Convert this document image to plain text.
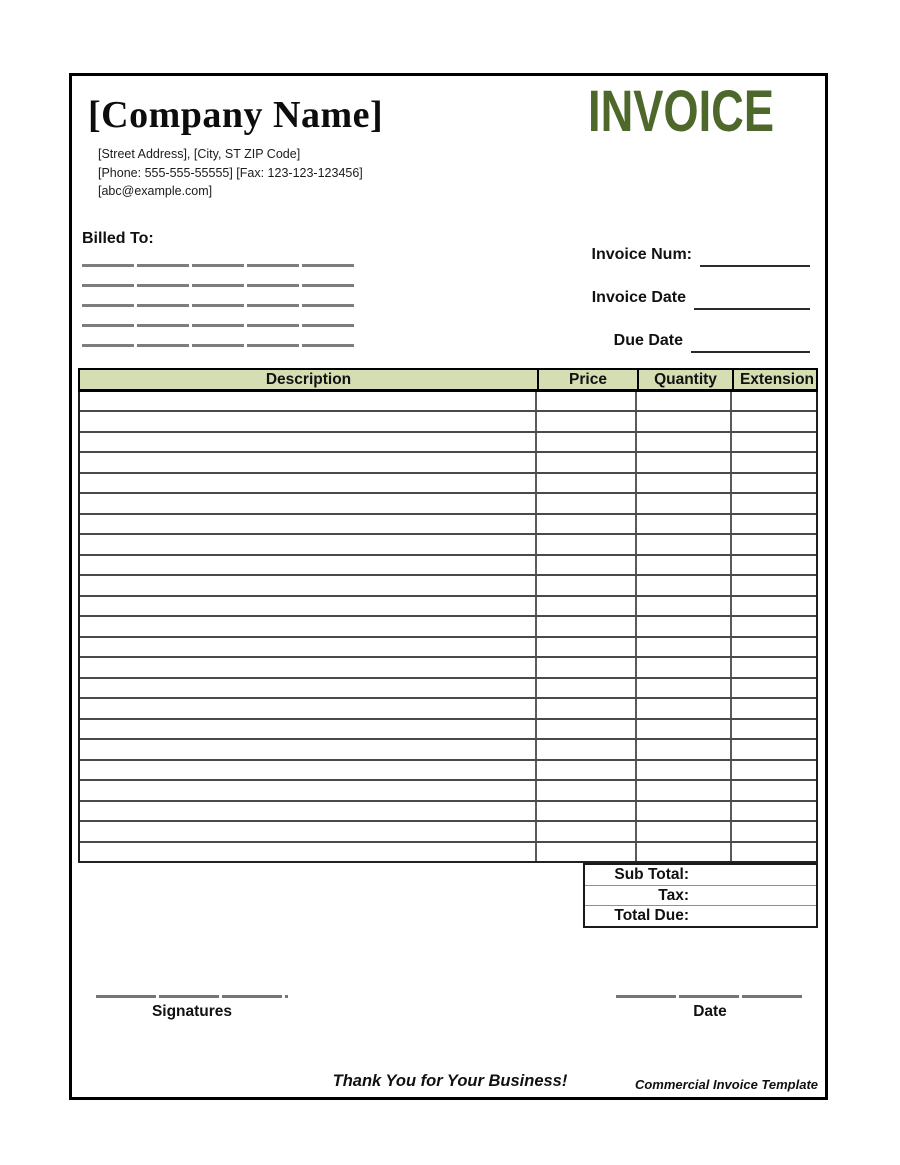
[Company Name]
[Street Address], [City, ST ZIP Code]
[Phone: 555-555-55555] [Fax: 123-123-123456]
[abc@example.com]
INVOICE
Billed To:
Invoice Num:
Invoice Date
Due Date
Description	Price	Quantity	Extension
Sub Total:
Tax:
Total Due:
Signatures	Date
Thank You for Your Business!	Commercial Invoice Template
